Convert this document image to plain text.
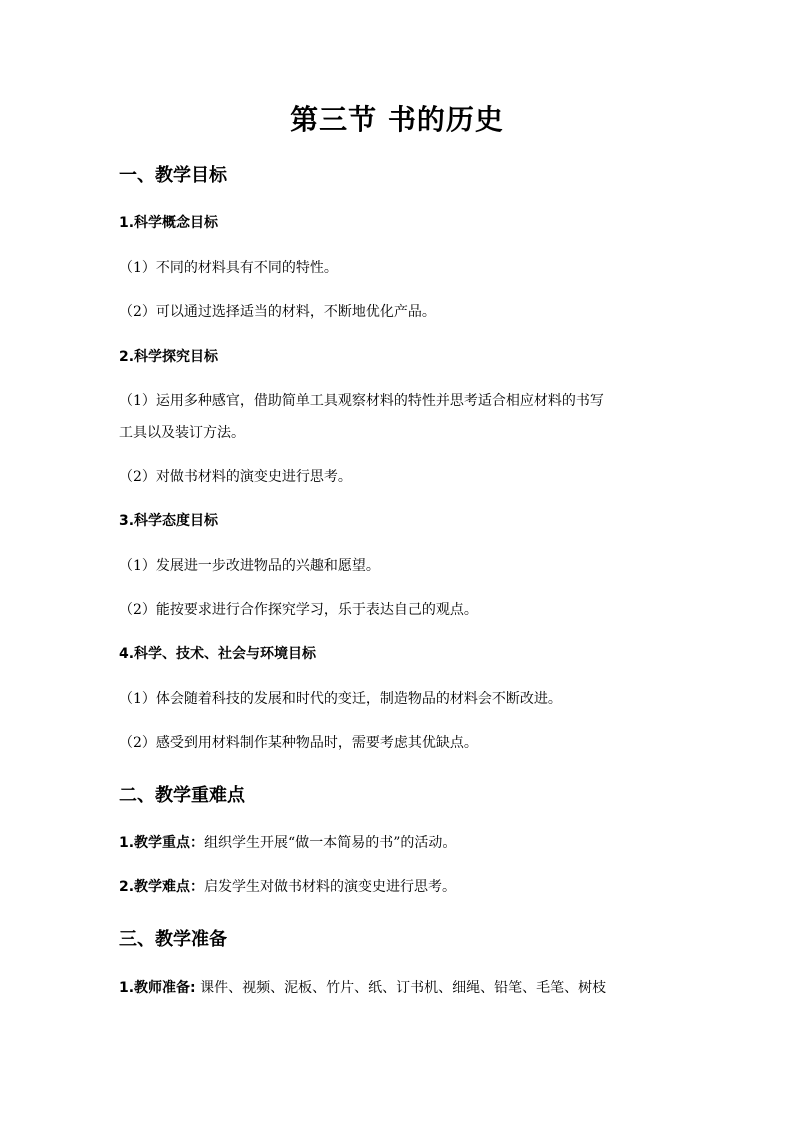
第三节 书的历史
一、教学目标
1.科学概念目标
（1）不同的材料具有不同的特性。
（2）可以通过选择适当的材料，不断地优化产品。
2.科学探究目标
（1）运用多种感官，借助简单工具观察材料的特性并思考适合相应材料的书写
工具以及装订方法。
（2）对做书材料的演变史进行思考。
3.科学态度目标
（1）发展进一步改进物品的兴趣和愿望。
（2）能按要求进行合作探究学习，乐于表达自己的观点。
4.科学、技术、社会与环境目标
（1）体会随着科技的发展和时代的变迁，制造物品的材料会不断改进。
（2）感受到用材料制作某种物品时，需要考虑其优缺点。
二、教学重难点
1.教学重点：组织学生开展“做一本简易的书”的活动。
2.教学难点：启发学生对做书材料的演变史进行思考。
三、教学准备
1.教师准备: 课件、视频、泥板、竹片、纸、订书机、细绳、铅笔、毛笔、树枝
